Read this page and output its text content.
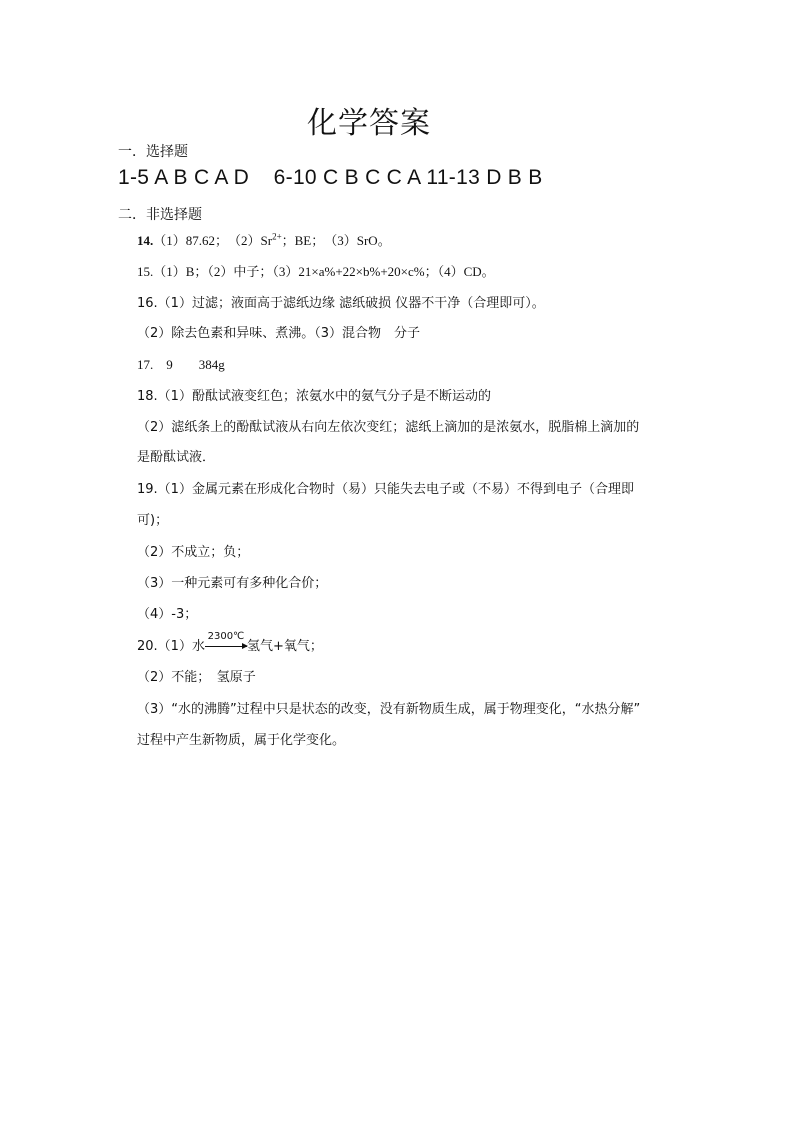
化学答案
一．选择题
1-5 A B C A D    6-10 C B C C A 11-13 D B B
二．非选择题
14.（1）87.62；　$(2)Sr^{2+}$；BE；　（3）SrO。
15.（1）B；（2）中子；（3）21×a%+22×b%+20×c%；（4）CD。
16.（1）过滤；液面高于滤纸边缘 滤纸破损 仪器不干净（合理即可）。
（2）除去色素和异味、煮沸。（3）混合物　分子
17.　9　　384g
18.（1）酚酞试液变红色；浓氨水中的氨气分子是不断运动的
（2）滤纸条上的酚酞试液从右向左依次变红；滤纸上滴加的是浓氨水，脱脂棉上滴加的
是酚酞试液．
19.（1）金属元素在形成化合物时（易）只能失去电子或（不易）不得到电子（合理即
可)；
（2）不成立；负；
（3）一种元素可有多种化合价；
（4）-3；
20.（1）水
2300℃
氢气+氧气；
（2）不能；　氢原子
（3）“水的沸腾”过程中只是状态的改变，没有新物质生成，属于物理变化，“水热分解”
过程中产生新物质，属于化学变化。
